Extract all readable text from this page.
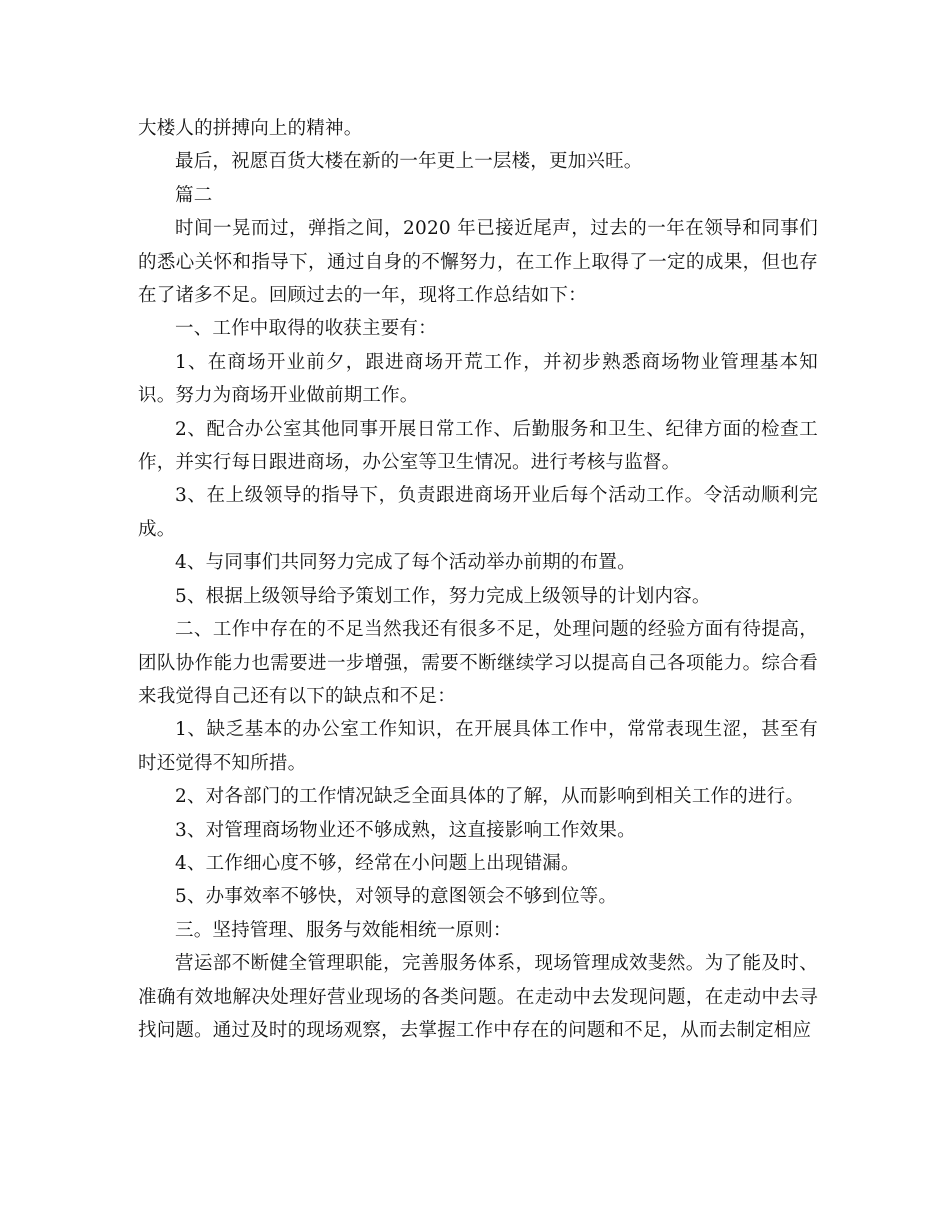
大楼人的拼搏向上的精神。

最后，祝愿百货大楼在新的一年更上一层楼，更加兴旺。

篇二

时间一晃而过，弹指之间，2020 年已接近尾声，过去的一年在领导和同事们的悉心关怀和指导下，通过自身的不懈努力，在工作上取得了一定的成果，但也存在了诸多不足。回顾过去的一年，现将工作总结如下：

一、工作中取得的收获主要有：

1、在商场开业前夕，跟进商场开荒工作，并初步熟悉商场物业管理基本知识。努力为商场开业做前期工作。

2、配合办公室其他同事开展日常工作、后勤服务和卫生、纪律方面的检查工作，并实行每日跟进商场，办公室等卫生情况。进行考核与监督。

3、在上级领导的指导下，负责跟进商场开业后每个活动工作。令活动顺利完成。

4、与同事们共同努力完成了每个活动举办前期的布置。

5、根据上级领导给予策划工作，努力完成上级领导的计划内容。

二、工作中存在的不足当然我还有很多不足，处理问题的经验方面有待提高，团队协作能力也需要进一步增强，需要不断继续学习以提高自己各项能力。综合看来我觉得自己还有以下的缺点和不足：

1、缺乏基本的办公室工作知识，在开展具体工作中，常常表现生涩，甚至有时还觉得不知所措。

2、对各部门的工作情况缺乏全面具体的了解，从而影响到相关工作的进行。

3、对管理商场物业还不够成熟，这直接影响工作效果。

4、工作细心度不够，经常在小问题上出现错漏。

5、办事效率不够快，对领导的意图领会不够到位等。

三。坚持管理、服务与效能相统一原则：

营运部不断健全管理职能，完善服务体系，现场管理成效斐然。为了能及时、准确有效地解决处理好营业现场的各类问题。在走动中去发现问题，在走动中去寻找问题。通过及时的现场观察，去掌握工作中存在的问题和不足，从而去制定相应
